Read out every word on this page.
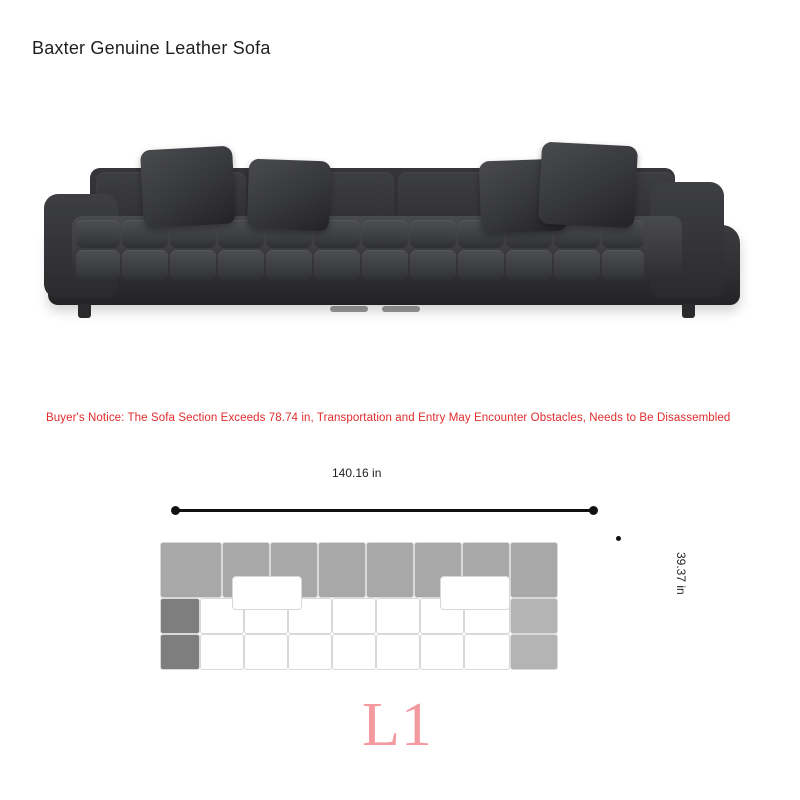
Baxter Genuine Leather Sofa
Buyer's Notice: The Sofa Section Exceeds 78.74 in, Transportation and Entry May Encounter Obstacles, Needs to Be Disassembled
140.16 in
39.37 in
L1
